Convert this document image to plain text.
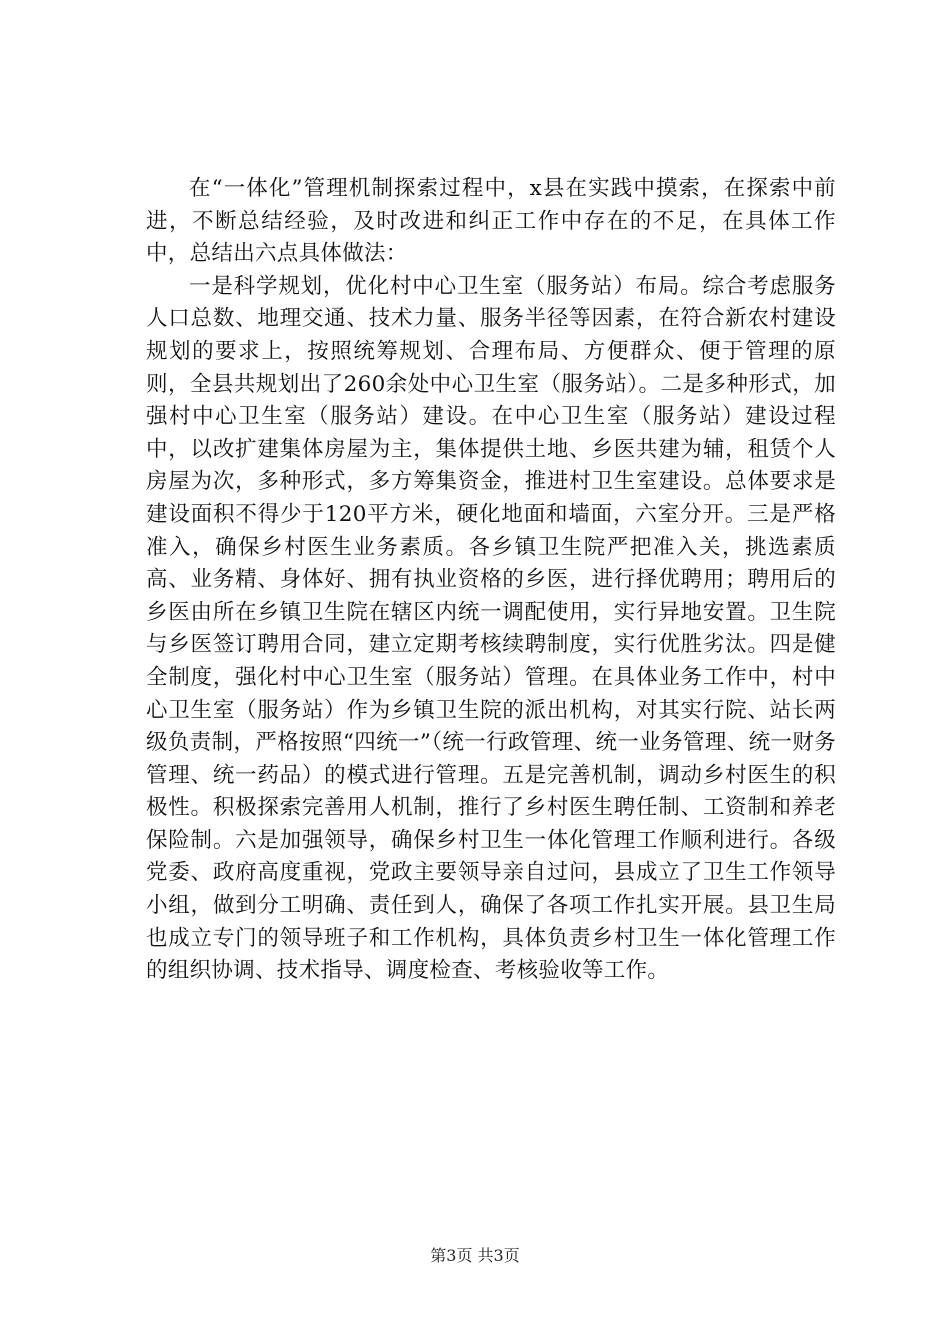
在“一体化”管理机制探索过程中，x县在实践中摸索，在探索中前进，不断总结经验，及时改进和纠正工作中存在的不足，在具体工作中，总结出六点具体做法：

一是科学规划，优化村中心卫生室（服务站）布局。综合考虑服务人口总数、地理交通、技术力量、服务半径等因素，在符合新农村建设规划的要求上，按照统筹规划、合理布局、方便群众、便于管理的原则，全县共规划出了260余处中心卫生室（服务站）。二是多种形式，加强村中心卫生室（服务站）建设。在中心卫生室（服务站）建设过程中，以改扩建集体房屋为主，集体提供土地、乡医共建为辅，租赁个人房屋为次，多种形式，多方筹集资金，推进村卫生室建设。总体要求是建设面积不得少于120平方米，硬化地面和墙面，六室分开。三是严格准入，确保乡村医生业务素质。各乡镇卫生院严把准入关，挑选素质高、业务精、身体好、拥有执业资格的乡医，进行择优聘用；聘用后的乡医由所在乡镇卫生院在辖区内统一调配使用，实行异地安置。卫生院与乡医签订聘用合同，建立定期考核续聘制度，实行优胜劣汰。四是健全制度，强化村中心卫生室（服务站）管理。在具体业务工作中，村中心卫生室（服务站）作为乡镇卫生院的派出机构，对其实行院、站长两级负责制，严格按照“四统一”（统一行政管理、统一业务管理、统一财务管理、统一药品）的模式进行管理。五是完善机制，调动乡村医生的积极性。积极探索完善用人机制，推行了乡村医生聘任制、工资制和养老保险制。六是加强领导，确保乡村卫生一体化管理工作顺利进行。各级党委、政府高度重视，党政主要领导亲自过问，县成立了卫生工作领导小组，做到分工明确、责任到人，确保了各项工作扎实开展。县卫生局也成立专门的领导班子和工作机构，具体负责乡村卫生一体化管理工作的组织协调、技术指导、调度检查、考核验收等工作。

第3页 共3页
